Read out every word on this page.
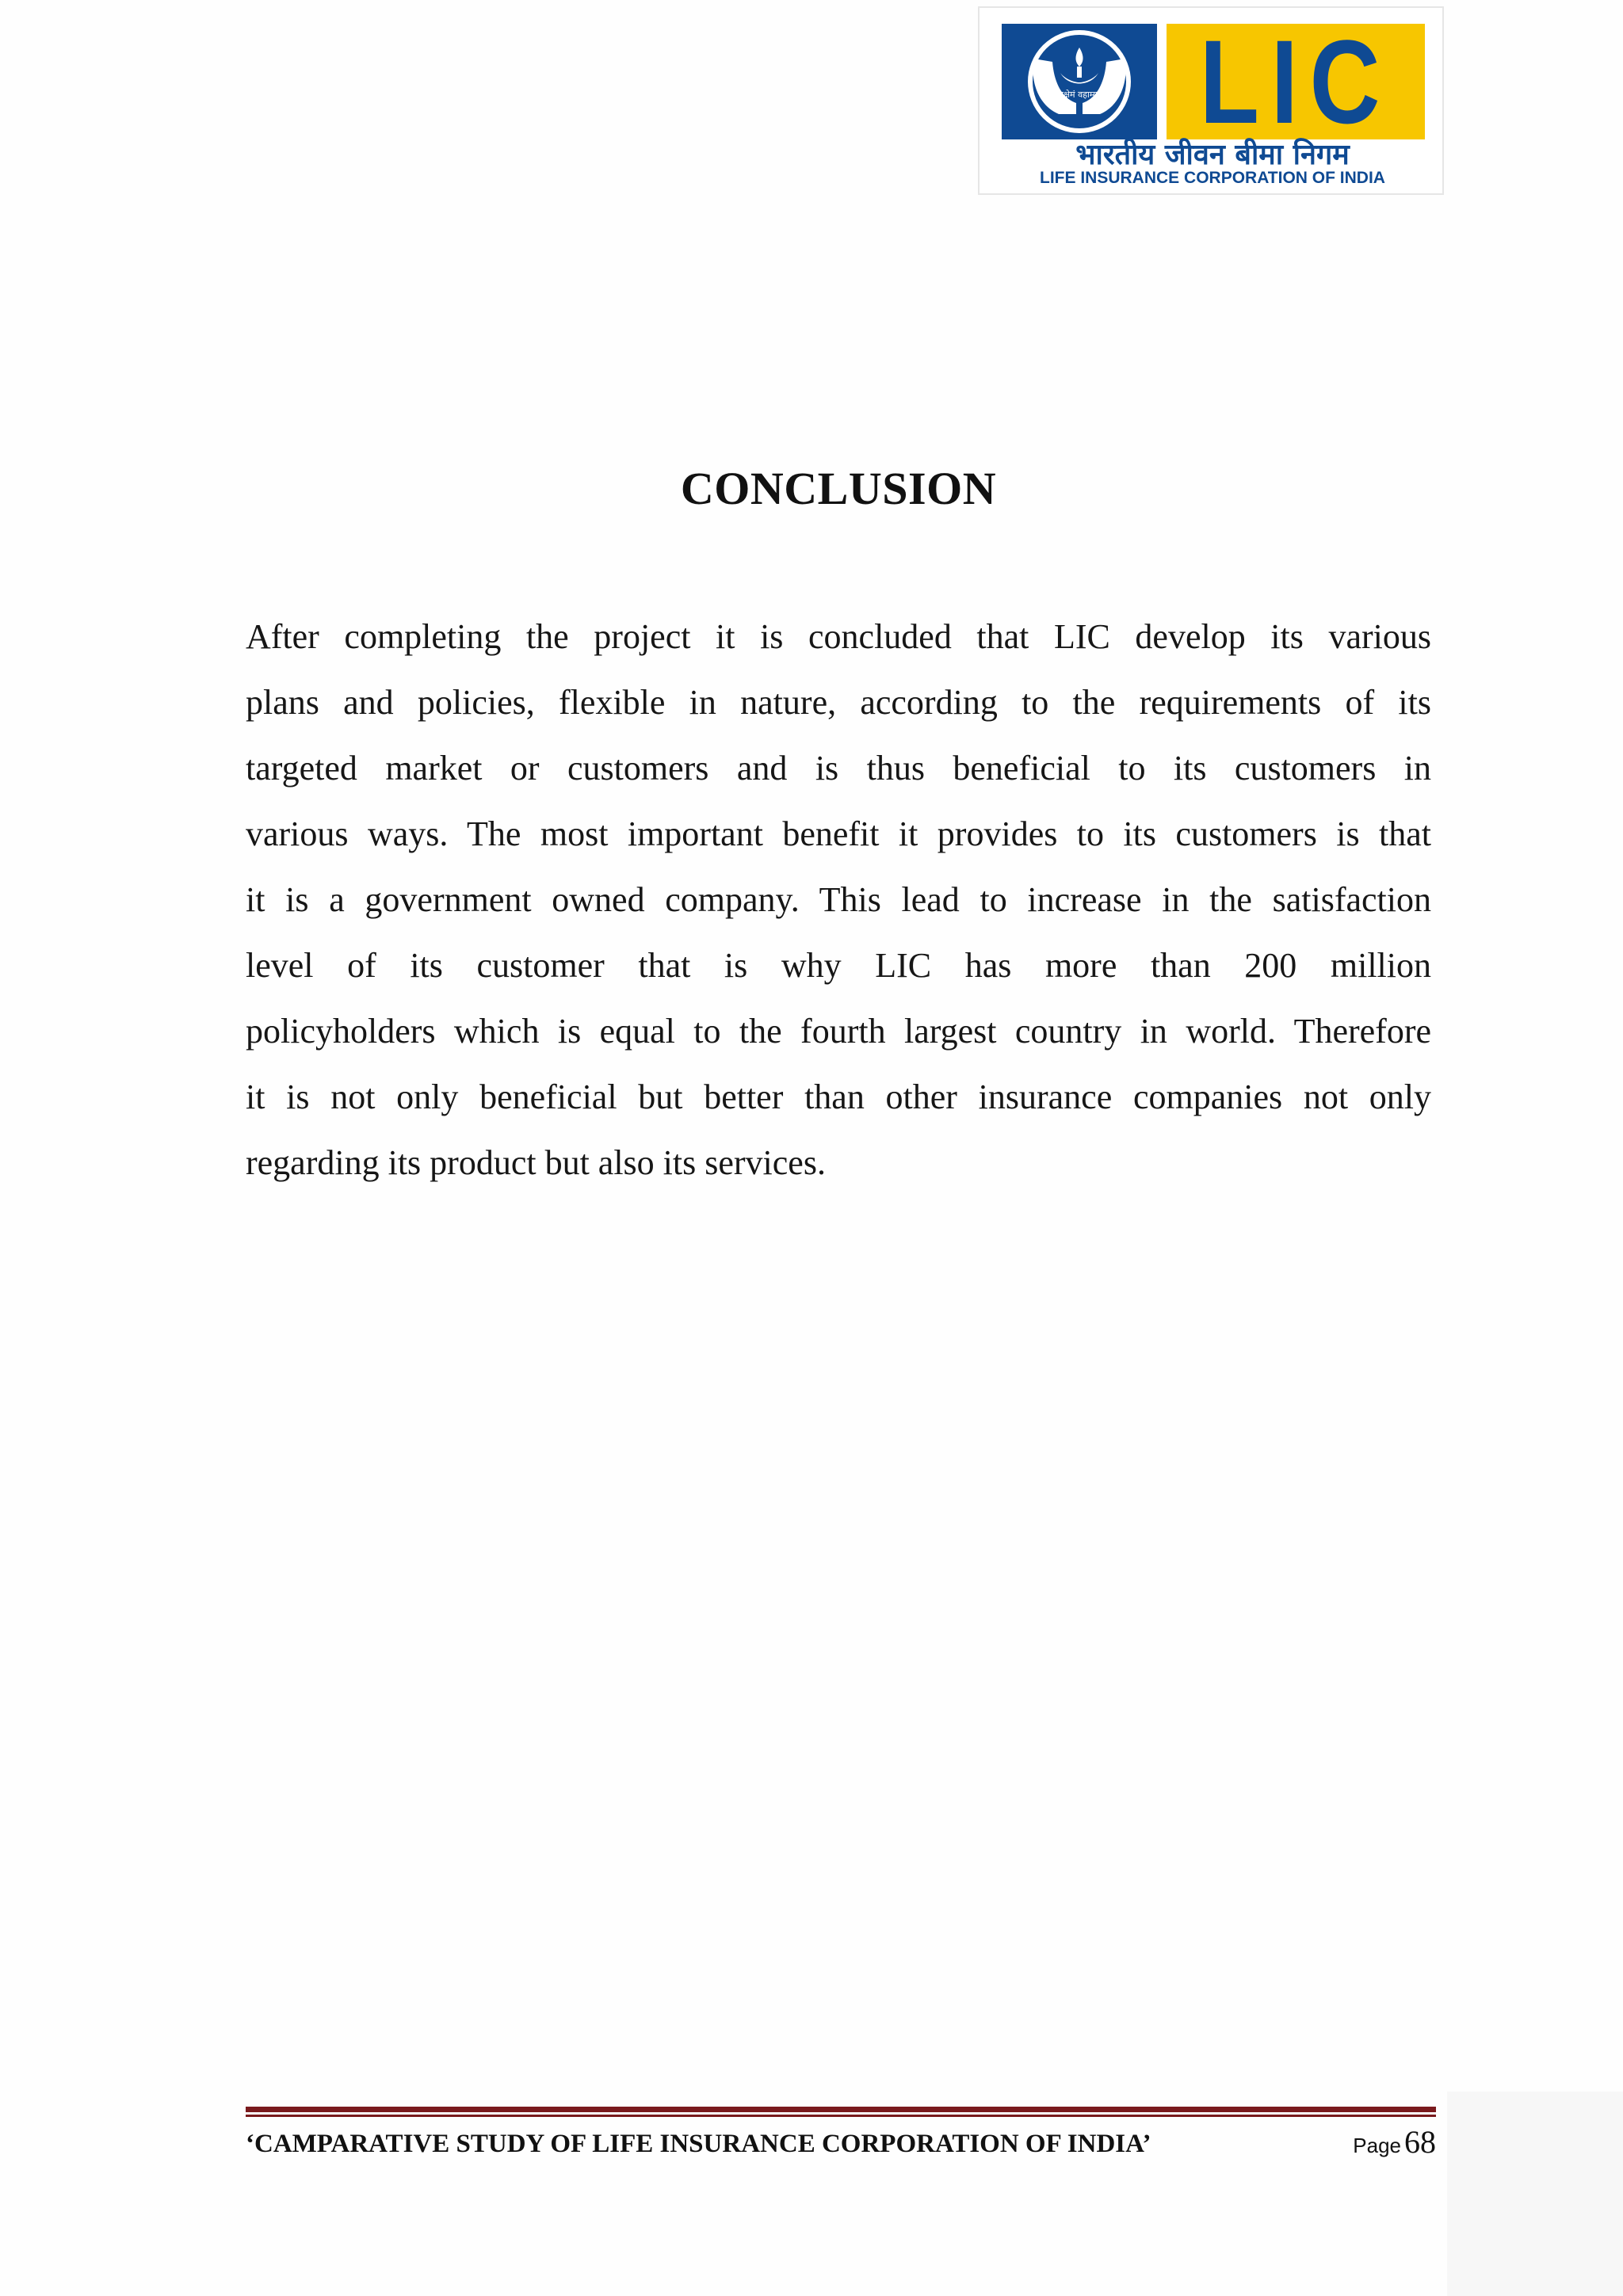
योगक्षेमं वहाम्यहम् LIC
भारतीय जीवन बीमा निगम
LIFE INSURANCE CORPORATION OF INDIA
CONCLUSION
After completing the project it is concluded that LIC develop its various
plans and policies, flexible in nature, according to the requirements of its
targeted market or customers and is thus beneficial to its customers in
various ways. The most important benefit it provides to its customers is that
it is a government owned company. This lead to increase in the satisfaction
level of its customer that is why LIC has more than 200 million
policyholders which is equal to the fourth largest country in world. Therefore
it is not only beneficial but better than other insurance companies not only
regarding its product but also its services.
‘CAMPARATIVE STUDY OF LIFE INSURANCE CORPORATION OF INDIA’	Page 68
